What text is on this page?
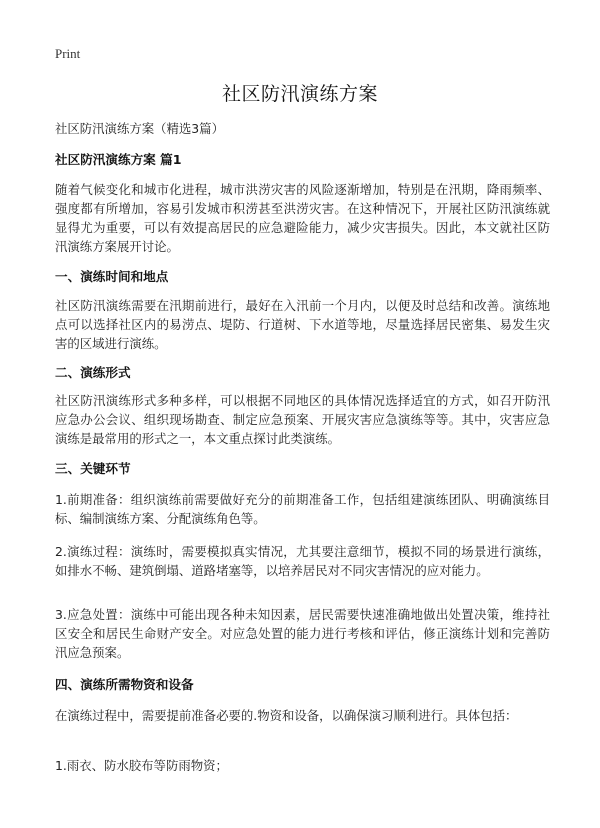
Print
社区防汛演练方案

社区防汛演练方案（精选3篇）

社区防汛演练方案 篇1

随着气候变化和城市化进程，城市洪涝灾害的风险逐渐增加，特别是在汛期，降雨频率、强度都有所增加，容易引发城市积涝甚至洪涝灾害。在这种情况下，开展社区防汛演练就显得尤为重要，可以有效提高居民的应急避险能力，减少灾害损失。因此，本文就社区防汛演练方案展开讨论。

一、演练时间和地点

社区防汛演练需要在汛期前进行，最好在入汛前一个月内，以便及时总结和改善。演练地点可以选择社区内的易涝点、堤防、行道树、下水道等地，尽量选择居民密集、易发生灾害的区域进行演练。

二、演练形式

社区防汛演练形式多种多样，可以根据不同地区的具体情况选择适宜的方式，如召开防汛应急办公会议、组织现场勘查、制定应急预案、开展灾害应急演练等等。其中，灾害应急演练是最常用的形式之一，本文重点探讨此类演练。

三、关键环节

1.前期准备：组织演练前需要做好充分的前期准备工作，包括组建演练团队、明确演练目标、编制演练方案、分配演练角色等。

2.演练过程：演练时，需要模拟真实情况，尤其要注意细节，模拟不同的场景进行演练，如排水不畅、建筑倒塌、道路堵塞等，以培养居民对不同灾害情况的应对能力。

3.应急处置：演练中可能出现各种未知因素，居民需要快速准确地做出处置决策，维持社区安全和居民生命财产安全。对应急处置的能力进行考核和评估，修正演练计划和完善防汛应急预案。

四、演练所需物资和设备

在演练过程中，需要提前准备必要的.物资和设备，以确保演习顺利进行。具体包括：

1.雨衣、防水胶布等防雨物资；
